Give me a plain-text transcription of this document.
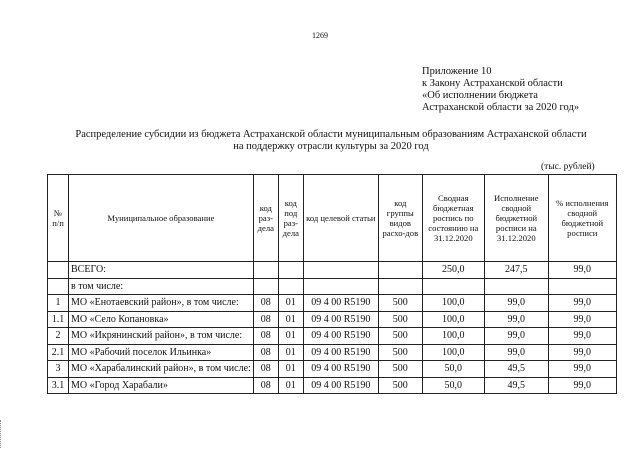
1269
Приложение 10
к Закону Астраханской области
«Об исполнении бюджета
Астраханской области за 2020 год»
Распределение субсидии из бюджета Астраханской области муниципальным образованиям Астраханской области
на поддержку отрасли культуры за 2020 год
(тыс. рублей)
№ п/п	Муниципальное образование	код раз-дела	код под раз-дела	код целевой статьи	код группы видов расхо-дов	Сводная бюджетная роспись по состоянию на 31.12.2020	Исполнение сводной бюджетной росписи на 31.12.2020	% исполнения сводной бюджетной росписи
	ВСЕГО:					250,0	247,5	99,0
	в том числе:							
1	МО «Енотаевский район», в том числе:	08	01	09 4 00 R5190	500	100,0	99,0	99,0
1.1	МО «Село Копановка»	08	01	09 4 00 R5190	500	100,0	99,0	99,0
2	МО «Икрянинский район», в том числе:	08	01	09 4 00 R5190	500	100,0	99,0	99,0
2.1	МО «Рабочий поселок Ильинка»	08	01	09 4 00 R5190	500	100,0	99,0	99,0
3	МО «Харабалинский район», в том числе:	08	01	09 4 00 R5190	500	50,0	49,5	99,0
3.1	МО «Город Харабали»	08	01	09 4 00 R5190	500	50,0	49,5	99,0
